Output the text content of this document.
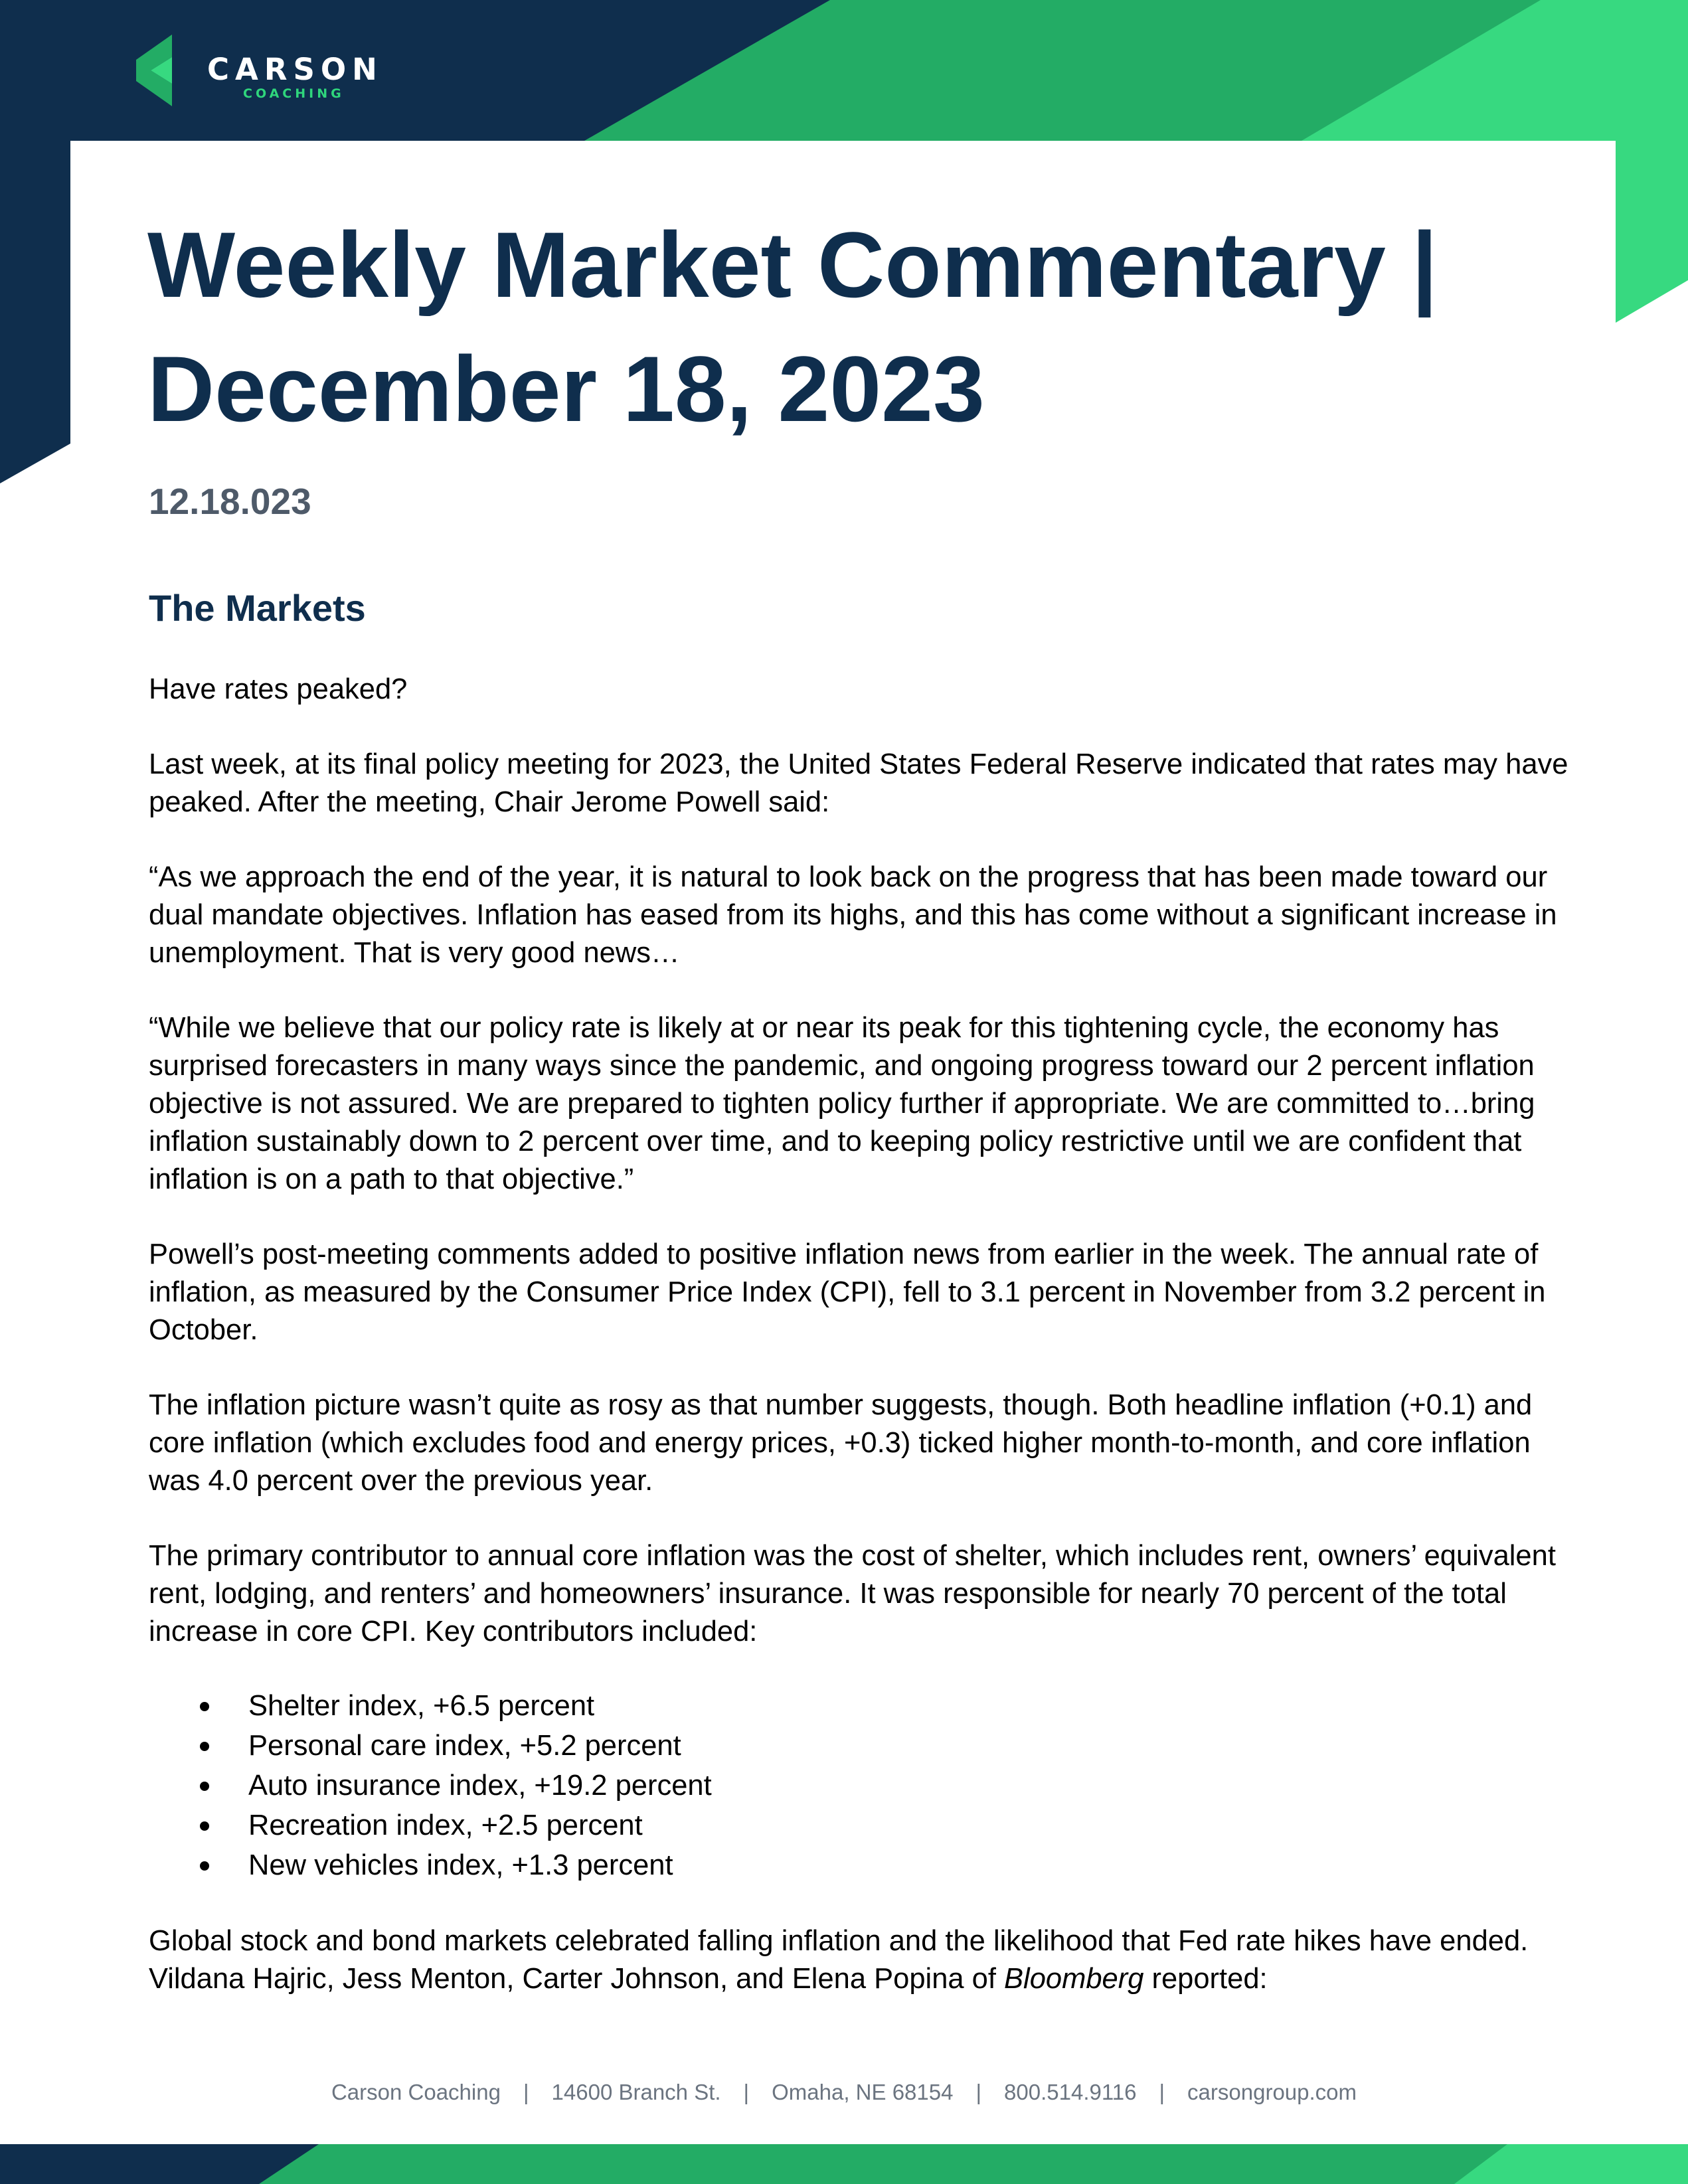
CARSON
COACHING
Weekly Market Commentary | December 18, 2023
12.18.023
The Markets

Have rates peaked?

Last week, at its final policy meeting for 2023, the United States Federal Reserve indicated that rates may have peaked. After the meeting, Chair Jerome Powell said:

“As we approach the end of the year, it is natural to look back on the progress that has been made toward our dual mandate objectives. Inflation has eased from its highs, and this has come without a significant increase in unemployment. That is very good news…

“While we believe that our policy rate is likely at or near its peak for this tightening cycle, the economy has surprised forecasters in many ways since the pandemic, and ongoing progress toward our 2 percent inflation objective is not assured. We are prepared to tighten policy further if appropriate. We are committed to…bring inflation sustainably down to 2 percent over time, and to keeping policy restrictive until we are confident that inflation is on a path to that objective.”

Powell’s post-meeting comments added to positive inflation news from earlier in the week. The annual rate of inflation, as measured by the Consumer Price Index (CPI), fell to 3.1 percent in November from 3.2 percent in October.

The inflation picture wasn’t quite as rosy as that number suggests, though. Both headline inflation (+0.1) and core inflation (which excludes food and energy prices, +0.3) ticked higher month-to-month, and core inflation was 4.0 percent over the previous year.

The primary contributor to annual core inflation was the cost of shelter, which includes rent, owners’ equivalent rent, lodging, and renters’ and homeowners’ insurance. It was responsible for nearly 70 percent of the total increase in core CPI. Key contributors included:

Shelter index, +6.5 percent
Personal care index, +5.2 percent
Auto insurance index, +19.2 percent
Recreation index, +2.5 percent
New vehicles index, +1.3 percent

Global stock and bond markets celebrated falling inflation and the likelihood that Fed rate hikes have ended. Vildana Hajric, Jess Menton, Carter Johnson, and Elena Popina of Bloomberg reported:

Carson Coaching | 14600 Branch St. | Omaha, NE 68154 | 800.514.9116 | carsongroup.com
